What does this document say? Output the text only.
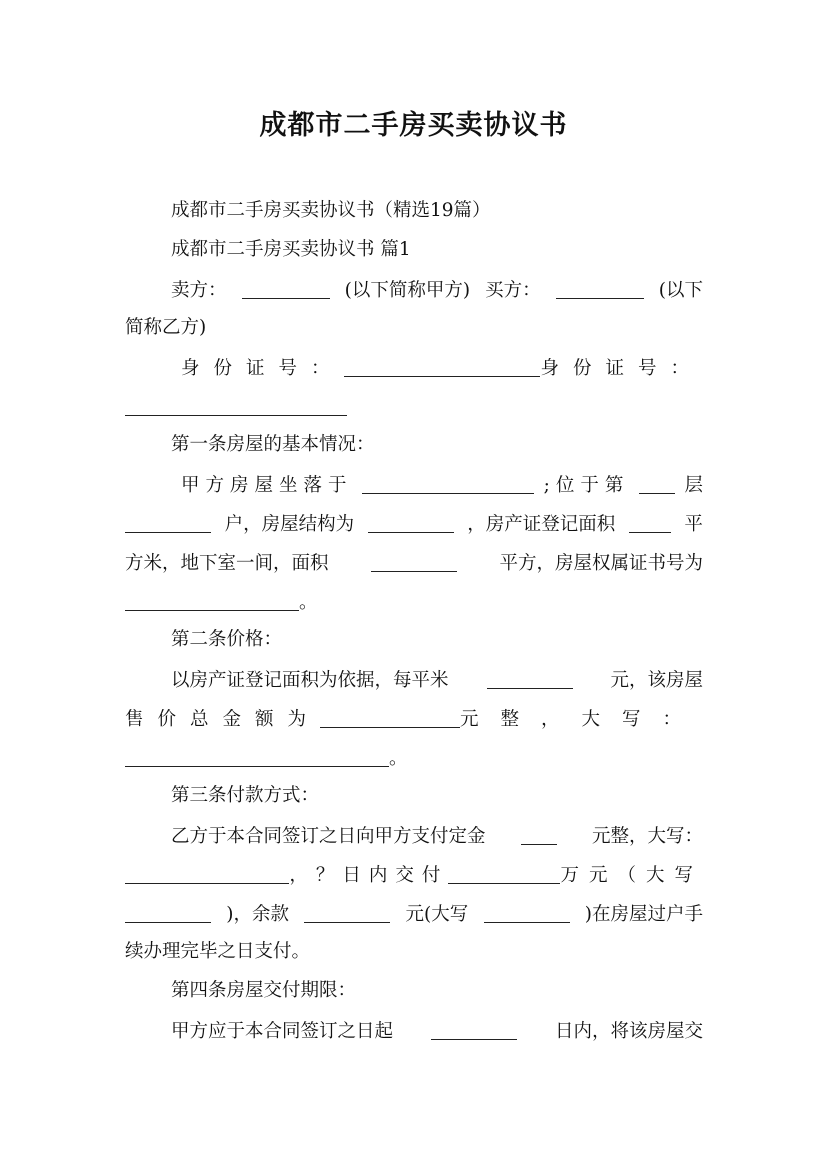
成都市二手房买卖协议书
成都市二手房买卖协议书（精选19篇）
成都市二手房买卖协议书 篇1
卖方：	(以下简称甲方) 买方：	(以下
简称乙方)
身份证号：	身份证号：
第一条房屋的基本情况：
甲方房屋坐落于	;位于第	层
户，房屋结构为	，房产证登记面积	平
方米，地下室一间，面积	平方，房屋权属证书号为
。
第二条价格：
以房产证登记面积为依据，每平米	元，该房屋
售价总金额为	元整，大写：
。
第三条付款方式：
乙方于本合同签订之日向甲方支付定金	元整，大写：
，？日内交付	万元（大写
)，余款	元(大写	)在房屋过户手
续办理完毕之日支付。
第四条房屋交付期限：
甲方应于本合同签订之日起	日内，将该房屋交
